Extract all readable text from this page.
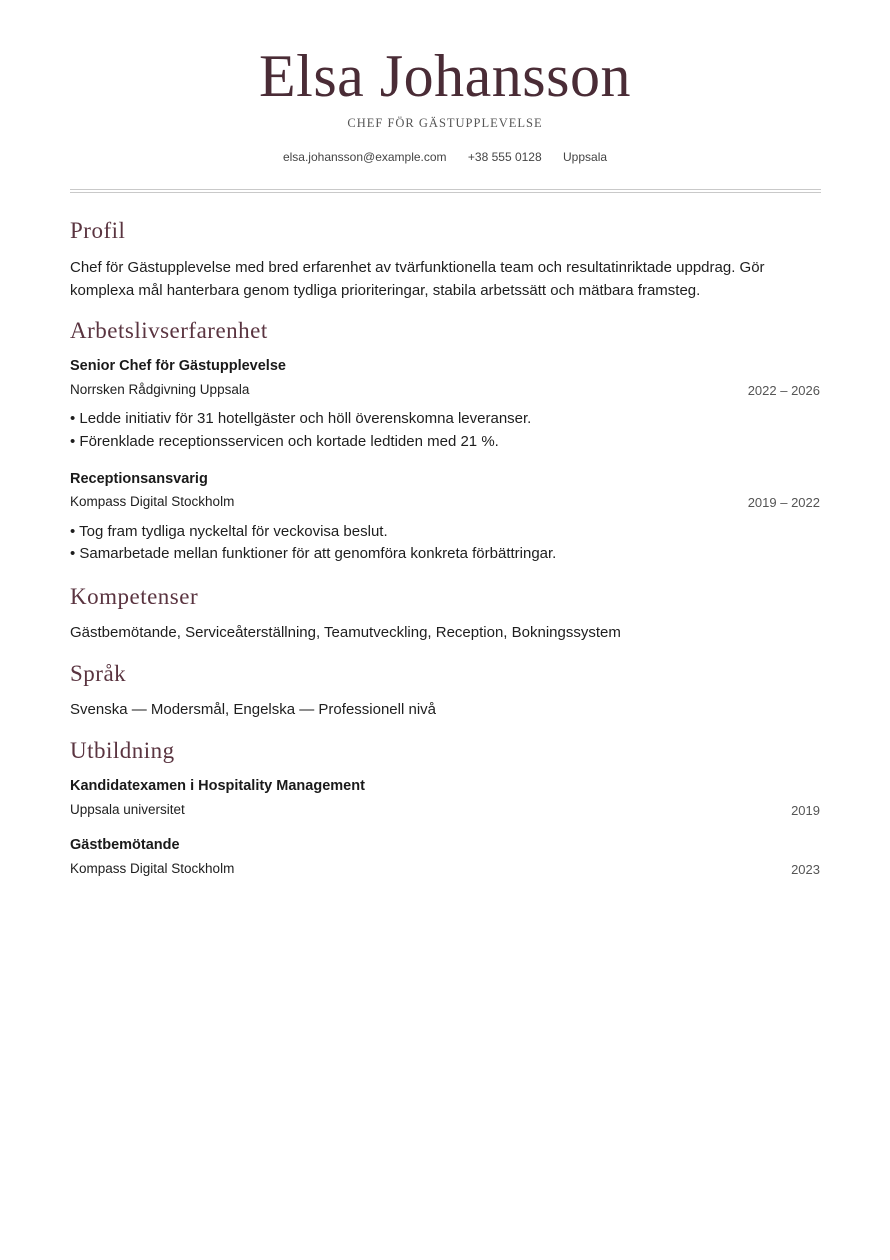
Elsa Johansson
CHEF FÖR GÄSTUPPLEVELSE
elsa.johansson@example.com +38 555 0128 Uppsala
Profil
Chef för Gästupplevelse med bred erfarenhet av tvärfunktionella team och resultatinriktade uppdrag. Gör
komplexa mål hanterbara genom tydliga prioriteringar, stabila arbetssätt och mätbara framsteg.
Arbetslivserfarenhet
Senior Chef för Gästupplevelse
Norrsken Rådgivning Uppsala	2022 – 2026
• Ledde initiativ för 31 hotellgäster och höll överenskomna leveranser.
• Förenklade receptionsservicen och kortade ledtiden med 21 %.
Receptionsansvarig
Kompass Digital Stockholm	2019 – 2022
• Tog fram tydliga nyckeltal för veckovisa beslut.
• Samarbetade mellan funktioner för att genomföra konkreta förbättringar.
Kompetenser
Gästbemötande, Serviceåterställning, Teamutveckling, Reception, Bokningssystem
Språk
Svenska — Modersmål, Engelska — Professionell nivå
Utbildning
Kandidatexamen i Hospitality Management
Uppsala universitet	2019
Gästbemötande
Kompass Digital Stockholm	2023
